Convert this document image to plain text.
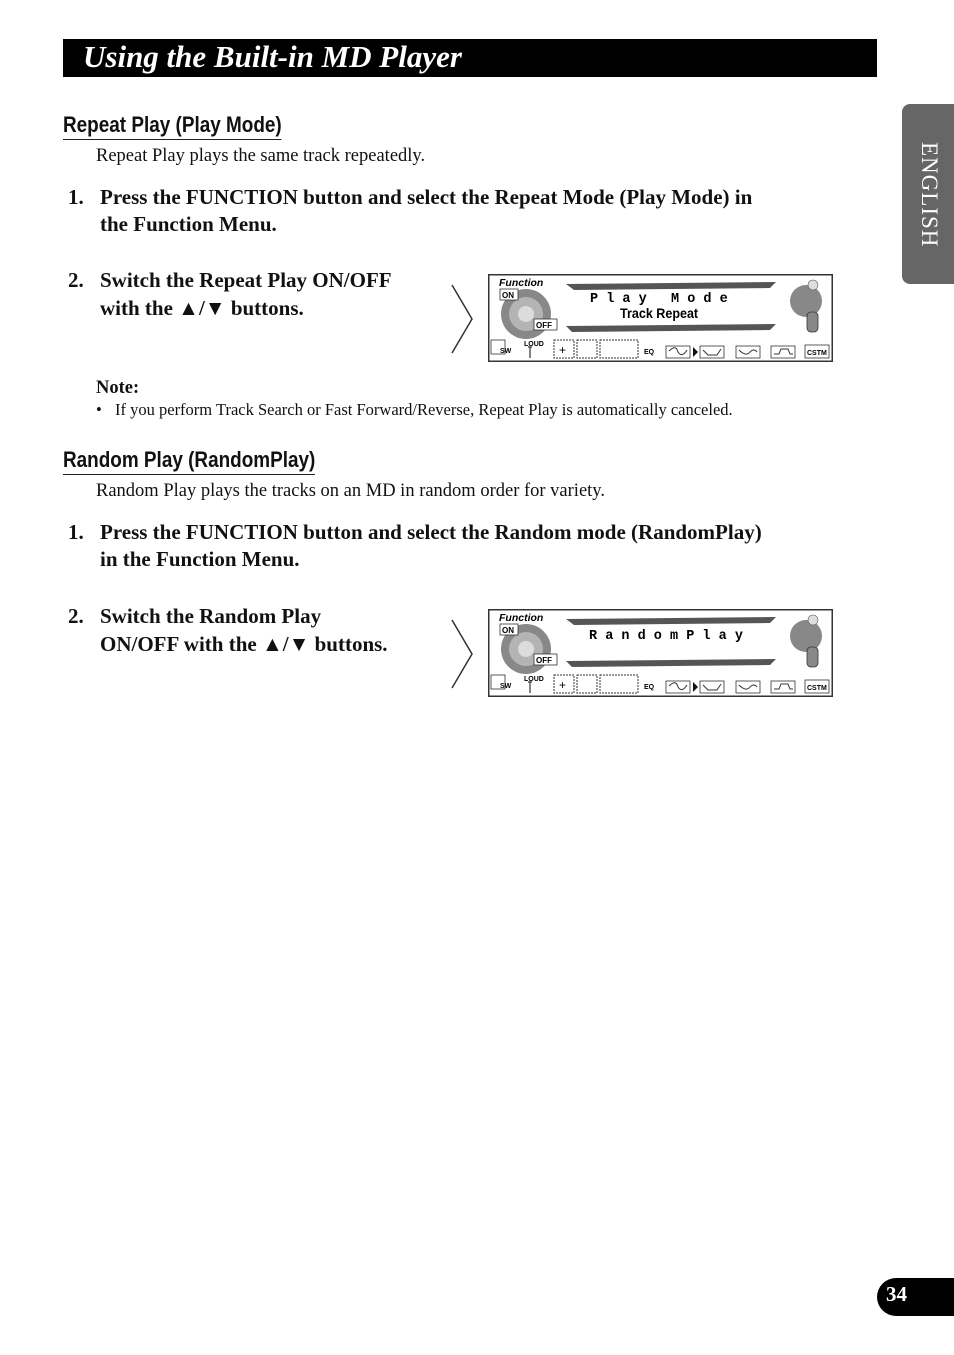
Using the Built-in MD Player
ENGLISH
Repeat Play (Play Mode)
Repeat Play plays the same track repeatedly.
1. Press the FUNCTION button and select the Repeat Mode (Play Mode) in
the Function Menu.
2. Switch the Repeat Play ON/OFF
with the ▲/▼ buttons.
Function
ON
OFF
P l a y   M o d e
Track Repeat
SW
LOUD +	EQ	CSTM
Note:
• If you perform Track Search or Fast Forward/Reverse, Repeat Play is automatically canceled.
Random Play (RandomPlay)
Random Play plays the tracks on an MD in random order for variety.
1. Press the FUNCTION button and select the Random mode (RandomPlay)
in the Function Menu.
2. Switch the Random Play
ON/OFF with the ▲/▼ buttons.
Function
ON
OFF
R a n d o m P l a y
SW
LOUD +	EQ	CSTM
34
